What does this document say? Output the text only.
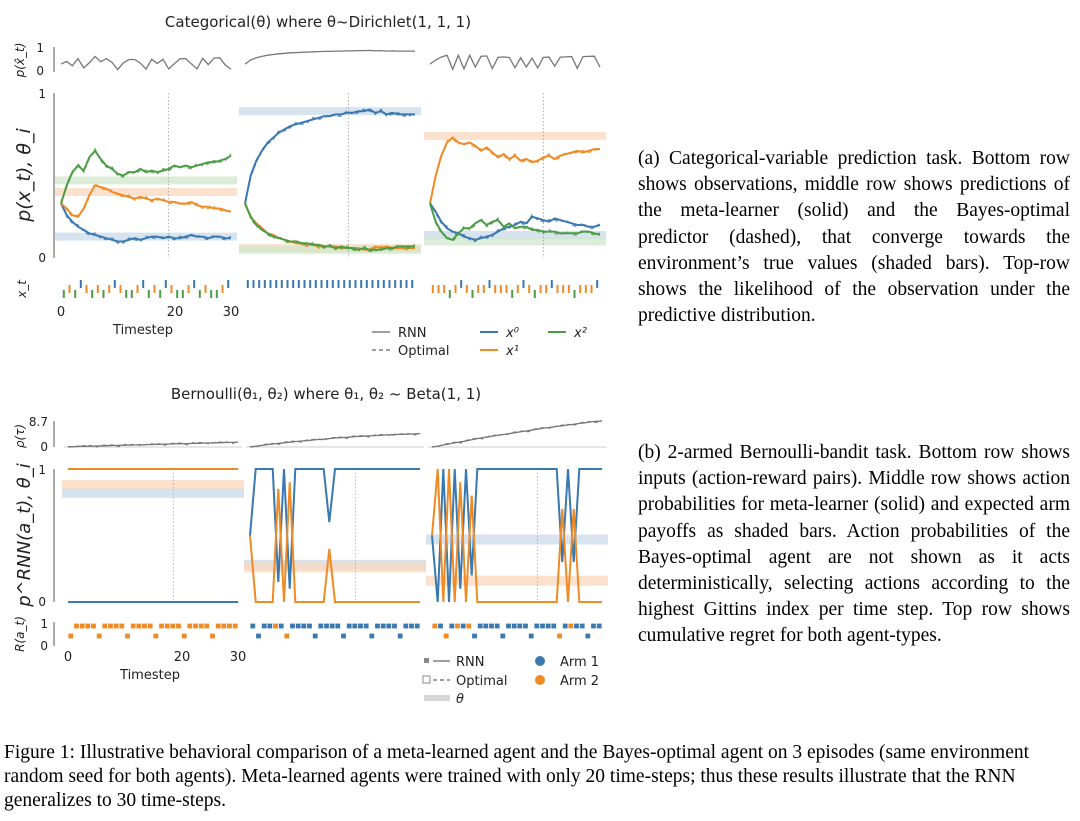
Categorical(θ) where θ~Dirichlet(1, 1, 1)
1
0
p(x̂_t)
1
0
p(x_t), θ_i
x_t
0	20	30
Timestep	RNN
Optimal
x⁰
x¹
x²
Bernoulli(θ₁, θ₂) where θ₁, θ₂ ~ Beta(1, 1)
8.7
0
ρ(τ)
1
0
p^RNN(a_t), θ_i
1
0
R(a_t)
0	20	30
Timestep
RNN
Optimal
θ
Arm 1
Arm 2

(a) Categorical-variable prediction task. Bottom row shows observations, middle row shows predictions of the meta-learner (solid) and the Bayes-optimal predictor (dashed), that converge towards the environment’s true values (shaded bars). Top-row shows the likelihood of the observation under the predictive distribution.

(b) 2-armed Bernoulli-bandit task. Bottom row shows inputs (action-reward pairs). Middle row shows action probabilities for meta-learner (solid) and expected arm payoffs as shaded bars. Action probabilities of the Bayes-optimal agent are not shown as it acts deterministically, selecting actions according to the highest Gittins index per time step. Top row shows cumulative regret for both agent-types.

Figure 1: Illustrative behavioral comparison of a meta-learned agent and the Bayes-optimal agent on 3 episodes (same environment random seed for both agents). Meta-learned agents were trained with only 20 time-steps; thus these results illustrate that the RNN generalizes to 30 time-steps.
